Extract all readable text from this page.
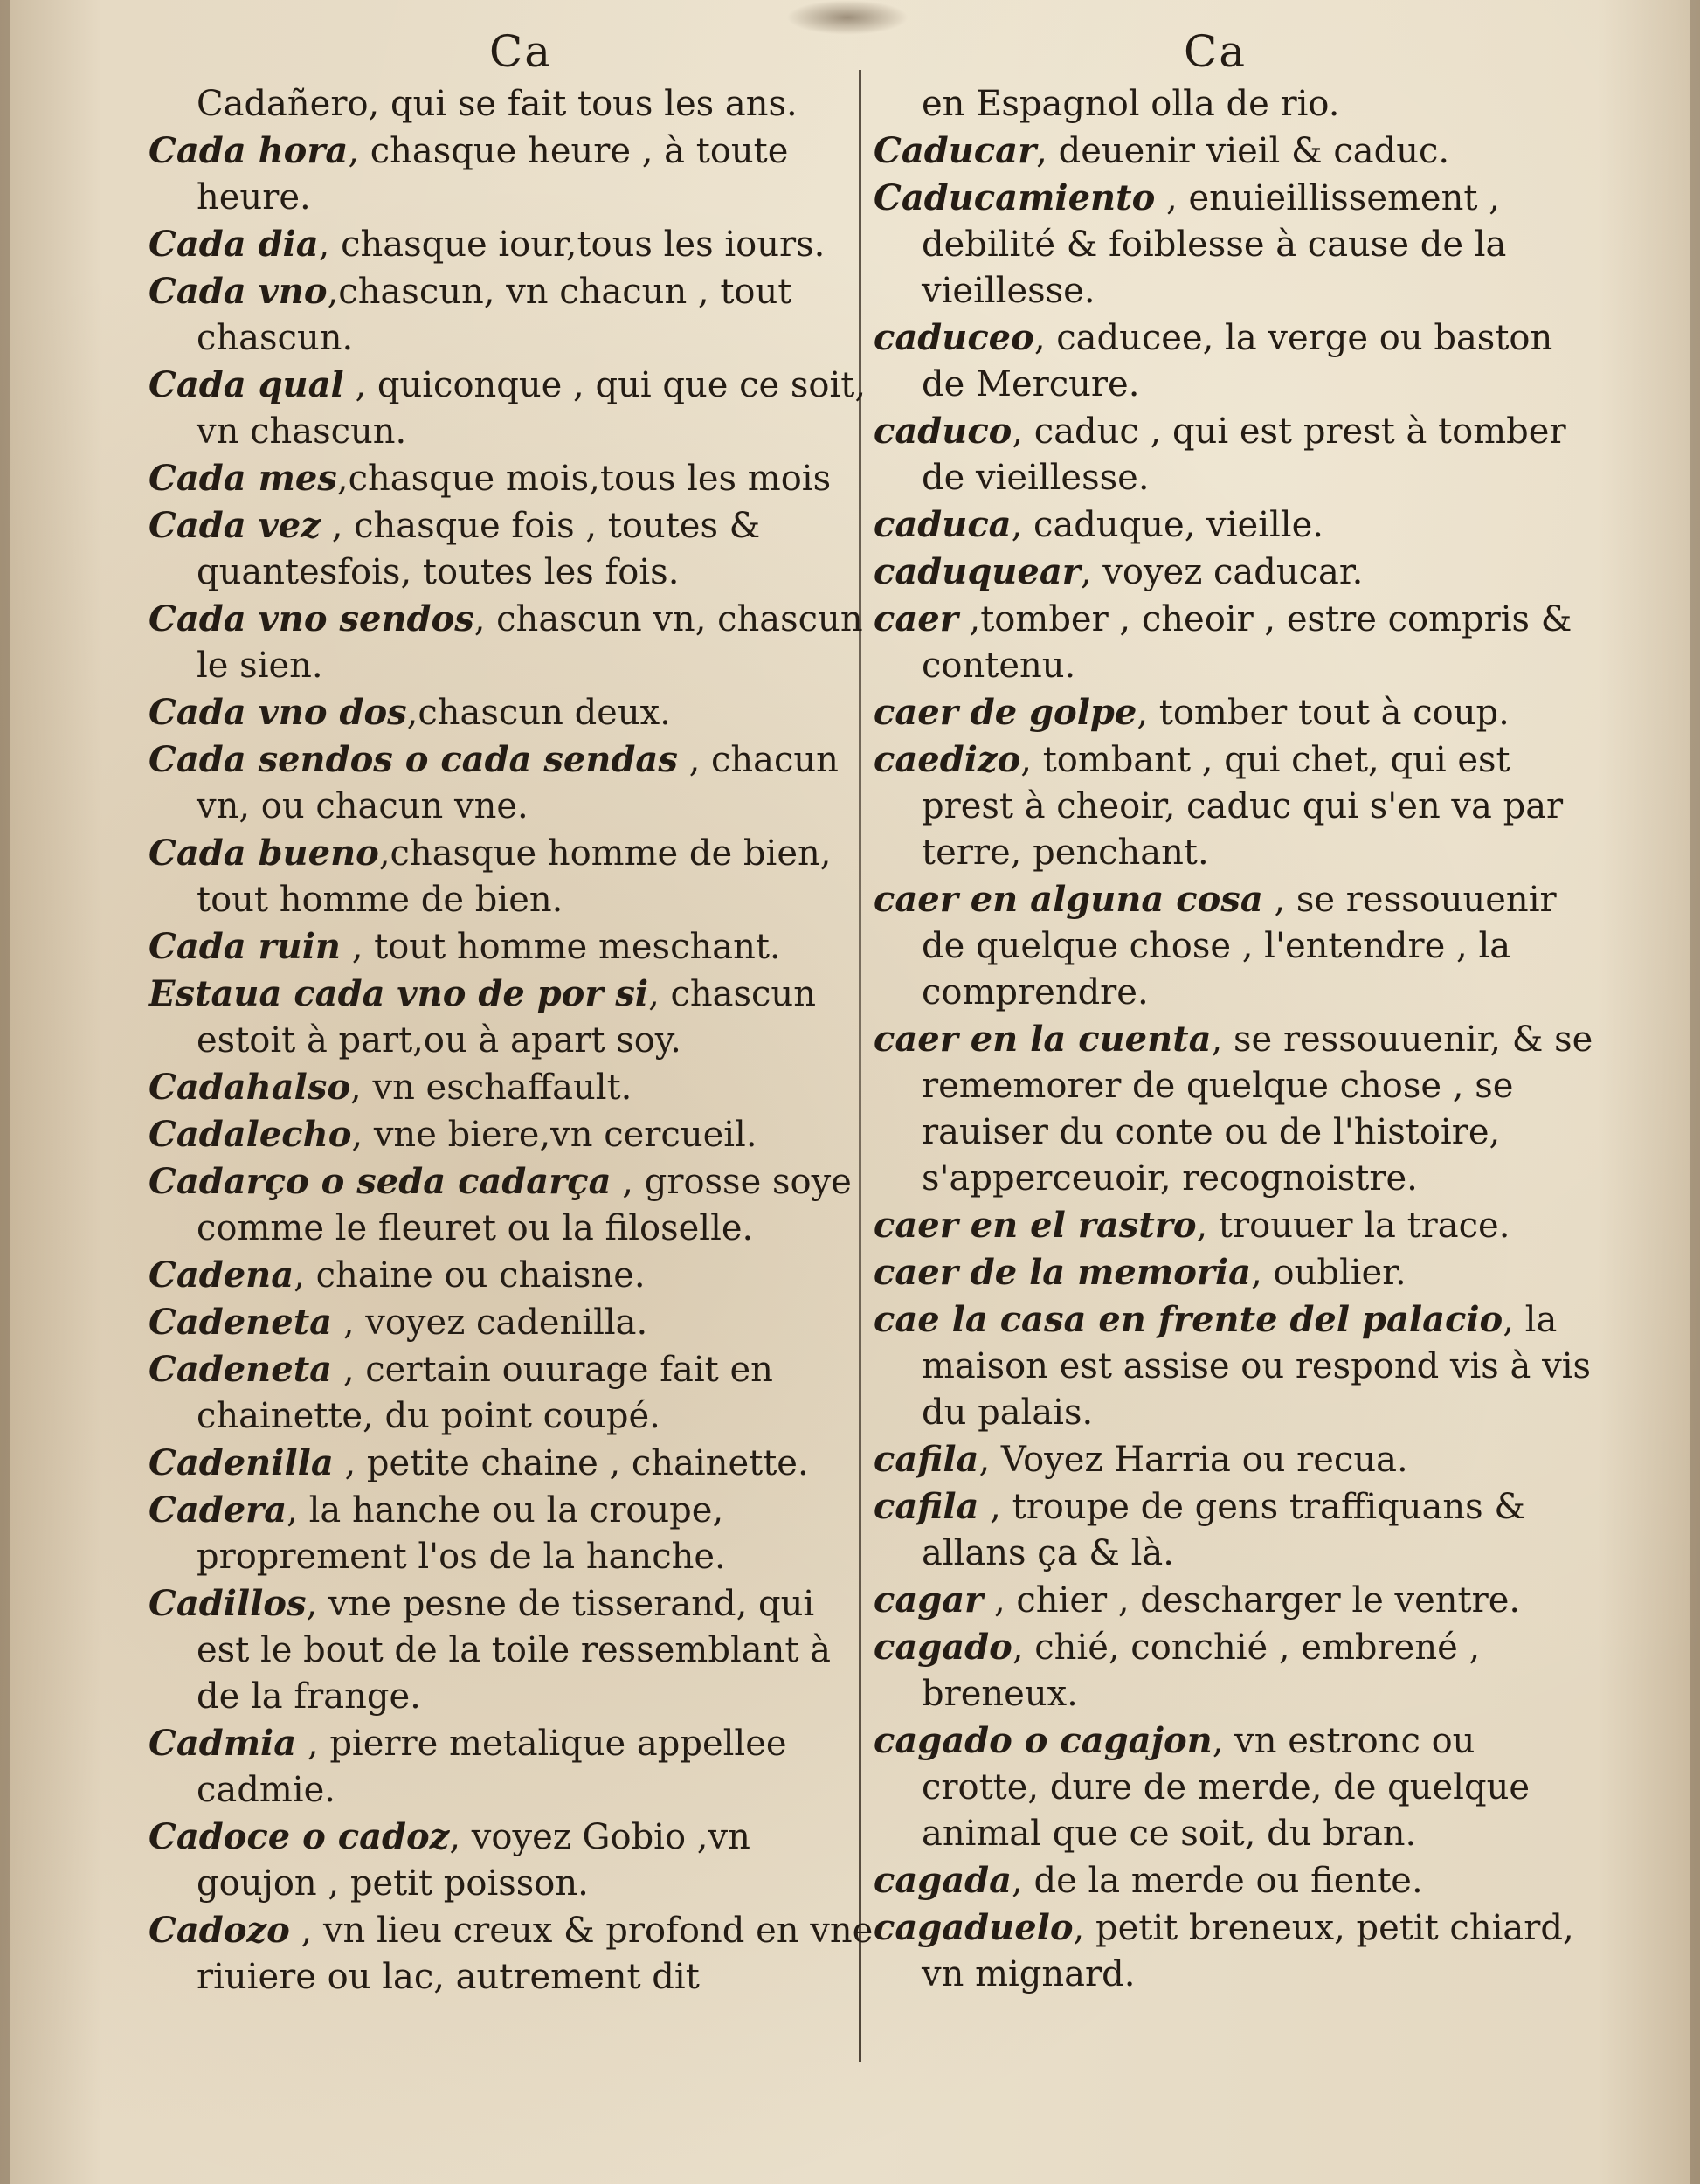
Ca	Ca
Cadañero, qui se fait tous les ans.
Cada hora, chasque heure , à toute heure.
Cada dia, chasque iour,tous les iours.
Cada vno,chascun, vn chacun , tout chascun.
Cada qual , quiconque , qui que ce soit, vn chascun.
Cada mes,chasque mois,tous les mois
Cada vez , chasque fois , toutes & quantesfois, toutes les fois.
Cada vno sendos, chascun vn, chascun le sien.
Cada vno dos,chascun deux.
Cada sendos o cada sendas , chacun vn, ou chacun vne.
Cada bueno,chasque homme de bien, tout homme de bien.
Cada ruin , tout homme meschant.
Estaua cada vno de por si, chascun estoit à part,ou à apart soy.
Cadahalso, vn eschaffault.
Cadalecho, vne biere,vn cercueil.
Cadarço o seda cadarça , grosse soye comme le fleuret ou la filoselle.
Cadena, chaine ou chaisne.
Cadeneta , voyez cadenilla.
Cadeneta , certain ouurage fait en chainette, du point coupé.
Cadenilla , petite chaine , chainette.
Cadera, la hanche ou la croupe, proprement l'os de la hanche.
Cadillos, vne pesne de tisserand, qui est le bout de la toile ressemblant à de la frange.
Cadmia , pierre metalique appellee cadmie.
Cadoce o cadoz, voyez Gobio ,vn goujon , petit poisson.
Cadozo , vn lieu creux & profond en vne riuiere ou lac, autrement dit
en Espagnol olla de rio.
Caducar, deuenir vieil & caduc.
Caducamiento , enuieillissement , debilité & foiblesse à cause de la vieillesse.
caduceo, caducee, la verge ou baston de Mercure.
caduco, caduc , qui est prest à tomber de vieillesse.
caduca, caduque, vieille.
caduquear, voyez caducar.
caer ,tomber , cheoir , estre compris & contenu.
caer de golpe, tomber tout à coup.
caedizo, tombant , qui chet, qui est prest à cheoir, caduc qui s'en va par terre, penchant.
caer en alguna cosa , se ressouuenir de quelque chose , l'entendre , la comprendre.
caer en la cuenta, se ressouuenir, & se rememorer de quelque chose , se rauiser du conte ou de l'histoire, s'apperceuoir, recognoistre.
caer en el rastro, trouuer la trace.
caer de la memoria, oublier.
cae la casa en frente del palacio, la maison est assise ou respond vis à vis du palais.
cafila, Voyez Harria ou recua.
cafila , troupe de gens traffiquans & allans ça & là.
cagar , chier , descharger le ventre.
cagado, chié, conchié , embrené , breneux.
cagado o cagajon, vn estronc ou crotte, dure de merde, de quelque animal que ce soit, du bran.
cagada, de la merde ou fiente.
cagaduelo, petit breneux, petit chiard, vn mignard.
